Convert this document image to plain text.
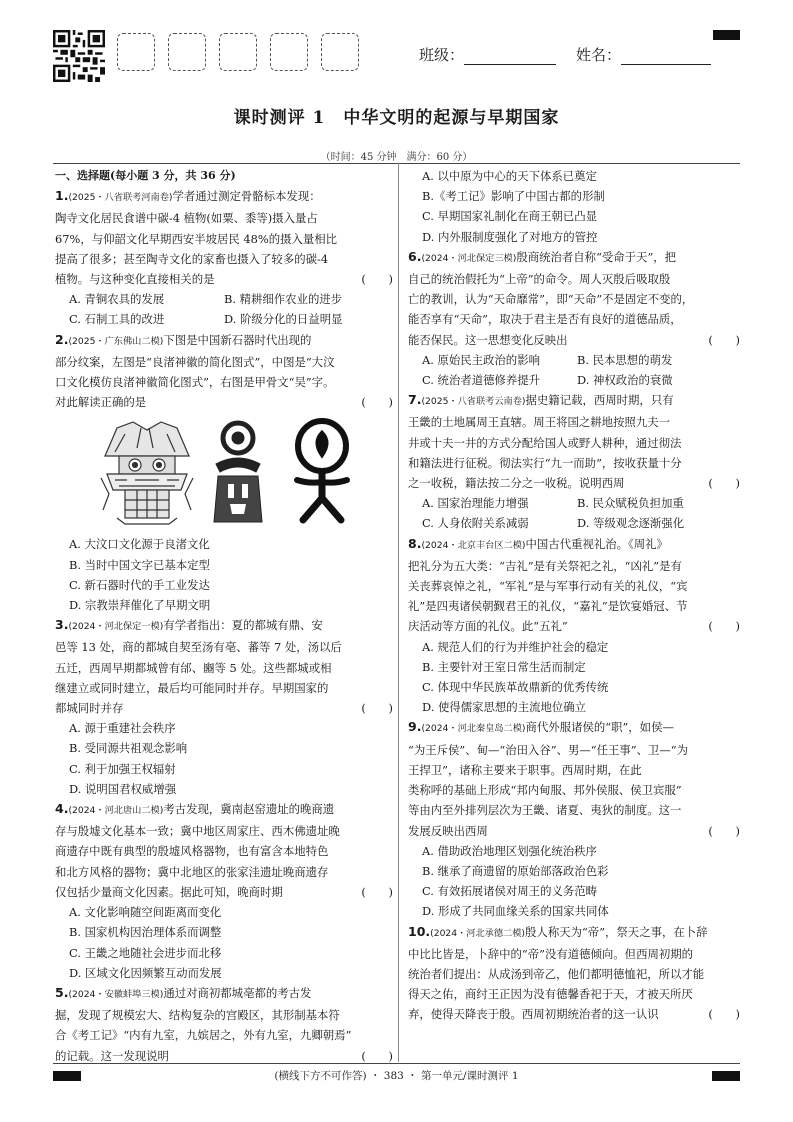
班级：	姓名：
课时测评 1　中华文明的起源与早期国家
（时间：45 分钟　满分：60 分）
一、选择题(每小题 3 分，共 36 分)
1.(2025・八省联考河南卷)学者通过测定骨骼标本发现：
陶寺文化居民食谱中碳-4 植物(如粟、黍等)摄入量占
67%，与仰韶文化早期西安半坡居民 48%的摄入量相比
提高了很多；甚至陶寺文化的家畜也摄入了较多的碳-4
植物。与这种变化直接相关的是	(　　)
A. 青铜农具的发展	B. 精耕细作农业的进步
C. 石制工具的改进	D. 阶级分化的日益明显
2.(2025・广东佛山二模)下图是中国新石器时代出现的
部分纹案，左图是“良渚神徽的简化图式”，中图是“大汶
口文化模仿良渚神徽简化图式”，右图是甲骨文“吴”字。
对此解读正确的是	(　　)
A. 大汶口文化源于良渚文化
B. 当时中国文字已基本定型
C. 新石器时代的手工业发达
D. 宗教崇拜催化了早期文明
3.(2024・河北保定一模)有学者指出：夏的都城有鼎、安
邑等 13 处，商的都城自契至汤有亳、蕃等 7 处，汤以后
五迁，西周早期都城曾有邰、豳等 5 处。这些都城或相
继建立或同时建立，最后均可能同时并存。早期国家的
都城同时并存	(　　)
A. 源于重建社会秩序
B. 受同源共祖观念影响
C. 利于加强王权辐射
D. 说明国君权威增强
4.(2024・河北唐山二模)考古发现，冀南赵窑遗址的晚商遗
存与殷墟文化基本一致；冀中地区周家庄、西木佛遗址晚
商遗存中既有典型的殷墟风格器物，也有富含本地特色
和北方风格的器物；冀中北地区的张家洼遗址晚商遗存
仅包括少量商文化因素。据此可知，晚商时期	(　　)
A. 文化影响随空间距离而变化
B. 国家机构因治理体系而调整
C. 王畿之地随社会进步而北移
D. 区域文化因频繁互动而发展
5.(2024・安徽蚌埠三模)通过对商初都城亳都的考古发
掘，发现了规模宏大、结构复杂的宫殿区，其形制基本符
合《考工记》“内有九室，九嫔居之，外有九室，九卿朝焉”
的记载。这一发现说明	(　　)
A. 以中原为中心的天下体系已奠定
B.《考工记》影响了中国古都的形制
C. 早期国家礼制化在商王朝已凸显
D. 内外服制度强化了对地方的管控
6.(2024・河北保定三模)殷商统治者自称“受命于天”，把
自己的统治假托为“上帝”的命令。周人灭殷后吸取殷
亡的教训，认为“天命靡常”，即“天命”不是固定不变的，
能否享有“天命”，取决于君主是否有良好的道德品质，
能否保民。这一思想变化反映出	(　　)
A. 原始民主政治的影响	B. 民本思想的萌发
C. 统治者道德修养提升	D. 神权政治的衰微
7.(2025・八省联考云南卷)据史籍记载，西周时期，只有
王畿的土地属周王直辖。周王将国之耕地按照九夫一
井或十夫一井的方式分配给国人或野人耕种，通过彻法
和籍法进行征税。彻法实行“九一而助”，按收获量十分
之一收税，籍法按二分之一收税。说明西周	(　　)
A. 国家治理能力增强	B. 民众赋税负担加重
C. 人身依附关系减弱	D. 等级观念逐渐强化
8.(2024・北京丰台区二模)中国古代重视礼治。《周礼》
把礼分为五大类：“吉礼”是有关祭祀之礼，“凶礼”是有
关丧葬哀悼之礼，“军礼”是与军事行动有关的礼仪，“宾
礼”是四夷诸侯朝觐君王的礼仪，“嘉礼”是饮宴婚冠、节
庆活动等方面的礼仪。此“五礼”	(　　)
A. 规范人们的行为并维护社会的稳定
B. 主要针对王室日常生活而制定
C. 体现中华民族革故鼎新的优秀传统
D. 使得儒家思想的主流地位确立
9.(2024・河北秦皇岛二模)商代外服诸侯的“职”，如侯—
“为王斥侯”、甸—“治田入谷”、男—“任王事”、卫—“为
王捍卫”，诸称主要来于职事。西周时期，在此
类称呼的基础上形成“邦内甸服、邦外侯服、侯卫宾服”
等由内至外排列层次为王畿、诸夏、夷狄的制度。这一
发展反映出西周	(　　)
A. 借助政治地理区划强化统治秩序
B. 继承了商遗留的原始部落政治色彩
C. 有效拓展诸侯对周王的义务范畴
D. 形成了共同血缘关系的国家共同体
10.(2024・河北承德二模)殷人称天为“帝”，祭天之事，在卜辞
中比比皆是，卜辞中的“帝”没有道德倾向。但西周初期的
统治者们提出：从成汤到帝乙，他们都明德恤祀，所以才能
得天之佑，商纣王正因为没有德馨香祀于天，才被天所厌
弃，使得天降丧于殷。西周初期统治者的这一认识	(　　)
(横线下方不可作答) ・ 383 ・ 第一单元/课时测评 1
